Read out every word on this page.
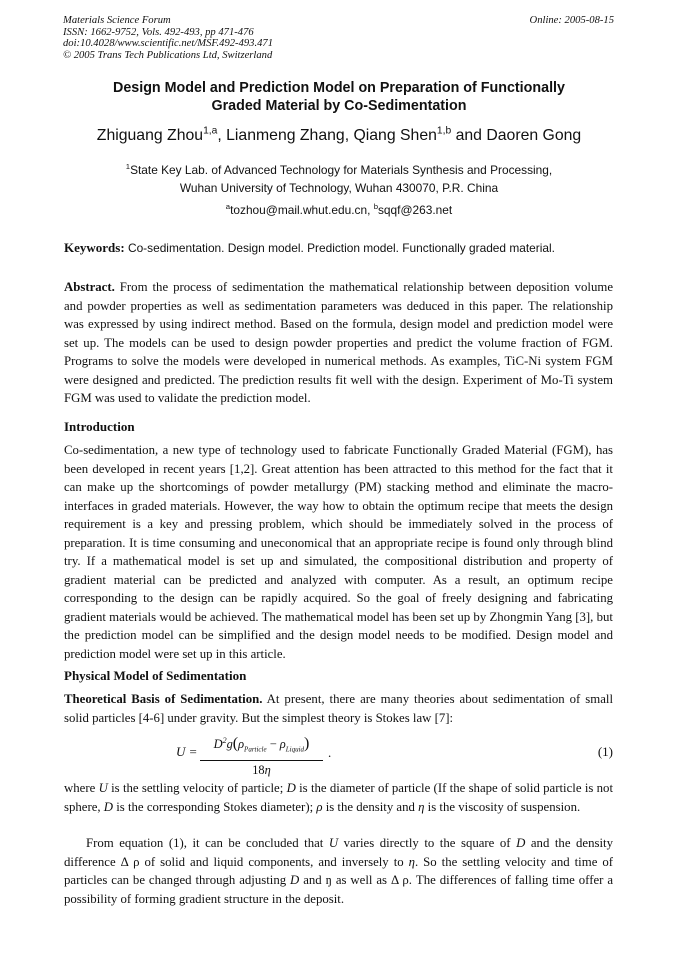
Materials Science Forum
ISSN: 1662-9752, Vols. 492-493, pp 471-476
doi:10.4028/www.scientific.net/MSF.492-493.471
© 2005 Trans Tech Publications Ltd, Switzerland
Online: 2005-08-15
Design Model and Prediction Model on Preparation of Functionally
Graded Material by Co-Sedimentation
Zhiguang Zhou$^{1,a}$, Lianmeng Zhang, Qiang Shen$^{1,b}$ and Daoren Gong
$^1$State Key Lab. of Advanced Technology for Materials Synthesis and Processing,
Wuhan University of Technology, Wuhan 430070, P.R. China
$^a$tozhou@mail.whut.edu.cn, $^b$sqqf@263.net
Keywords: Co-sedimentation. Design model. Prediction model. Functionally graded material.

Abstract. From the process of sedimentation the mathematical relationship between deposition volume and powder properties as well as sedimentation parameters was deduced in this paper. The relationship was expressed by using indirect method. Based on the formula, design model and prediction model were set up. The models can be used to design powder properties and predict the volume fraction of FGM. Programs to solve the models were developed in numerical methods. As examples, TiC-Ni system FGM were designed and predicted. The prediction results fit well with the design. Experiment of Mo-Ti system FGM was used to validate the prediction model.

Introduction

Co-sedimentation, a new type of technology used to fabricate Functionally Graded Material (FGM), has been developed in recent years [1,2]. Great attention has been attracted to this method for the fact that it can make up the shortcomings of powder metallurgy (PM) stacking method and eliminate the macro-interfaces in graded materials. However, the way how to obtain the optimum recipe that meets the design requirement is a key and pressing problem, which should be immediately solved in the process of preparation. It is time consuming and uneconomical that an appropriate recipe is found only through blind try. If a mathematical model is set up and simulated, the compositional distribution and property of gradient material can be predicted and analyzed with computer. As a result, an optimum recipe corresponding to the design can be rapidly acquired. So the goal of freely designing and fabricating gradient materials would be achieved. The mathematical model has been set up by Zhongmin Yang [3], but the prediction model can be simplified and the design model needs to be modified. Design model and prediction model were set up in this article.

Physical Model of Sedimentation

Theoretical Basis of Sedimentation. At present, there are many theories about sedimentation of small solid particles [4-6] under gravity. But the simplest theory is Stokes law [7]:

U =	$D^2g(\rho_{Particle} - \rho_{Liquid})$
18η
.	(1)

where U is the settling velocity of particle; D is the diameter of particle (If the shape of solid particle is not sphere, D is the corresponding Stokes diameter); ρ is the density and η is the viscosity of suspension.

From equation (1), it can be concluded that U varies directly to the square of D and the density difference Δ ρ of solid and liquid components, and inversely to η. So the settling velocity and time of particles can be changed through adjusting D and ŋ as well as Δ ρ. The differences of falling time offer a possibility of forming gradient structure in the deposit.
